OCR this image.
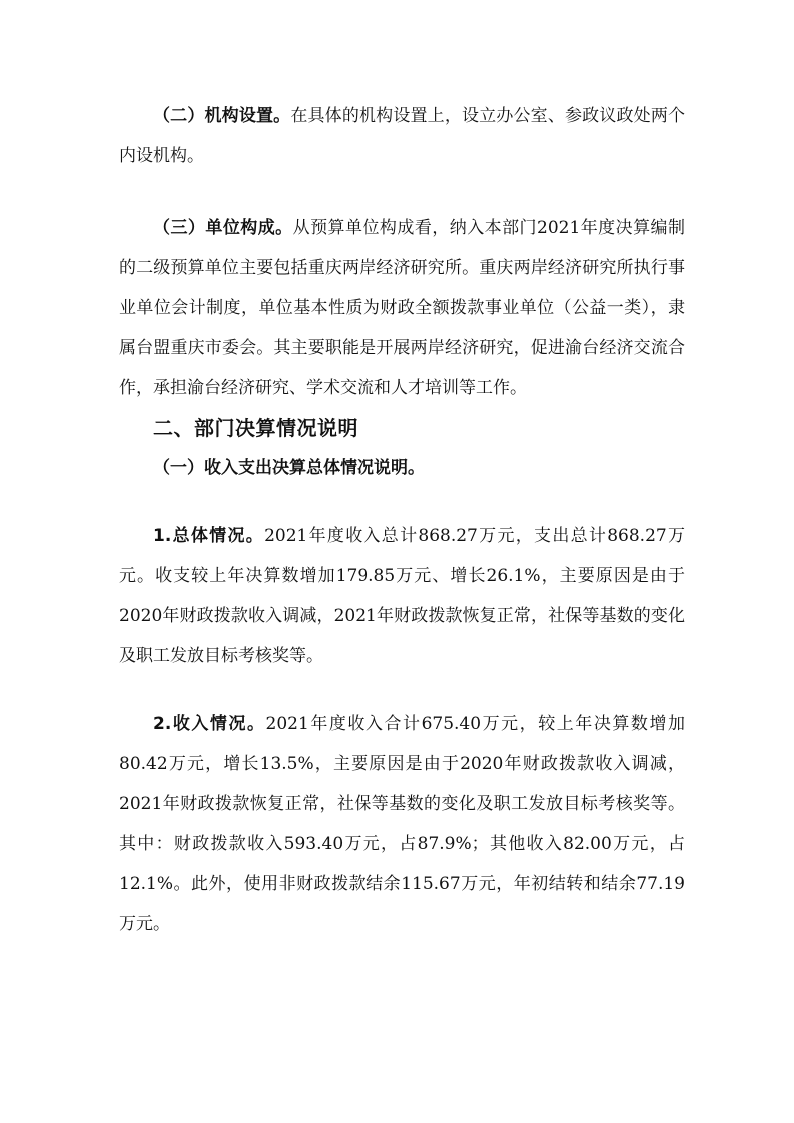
（二）机构设置。在具体的机构设置上，设立办公室、参政议政处两个内设机构。

（三）单位构成。从预算单位构成看，纳入本部门2021年度决算编制的二级预算单位主要包括重庆两岸经济研究所。重庆两岸经济研究所执行事业单位会计制度，单位基本性质为财政全额拨款事业单位（公益一类），隶属台盟重庆市委会。其主要职能是开展两岸经济研究，促进渝台经济交流合作，承担渝台经济研究、学术交流和人才培训等工作。

二、部门决算情况说明
（一）收入支出决算总体情况说明。

1.总体情况。2021年度收入总计868.27万元，支出总计868.27万元。收支较上年决算数增加179.85万元、增长26.1%，主要原因是由于2020年财政拨款收入调减，2021年财政拨款恢复正常，社保等基数的变化及职工发放目标考核奖等。

2.收入情况。2021年度收入合计675.40万元，较上年决算数增加80.42万元，增长13.5%，主要原因是由于2020年财政拨款收入调减，2021年财政拨款恢复正常，社保等基数的变化及职工发放目标考核奖等。其中：财政拨款收入593.40万元，占87.9%；其他收入82.00万元，占12.1%。此外，使用非财政拨款结余115.67万元，年初结转和结余77.19万元。
